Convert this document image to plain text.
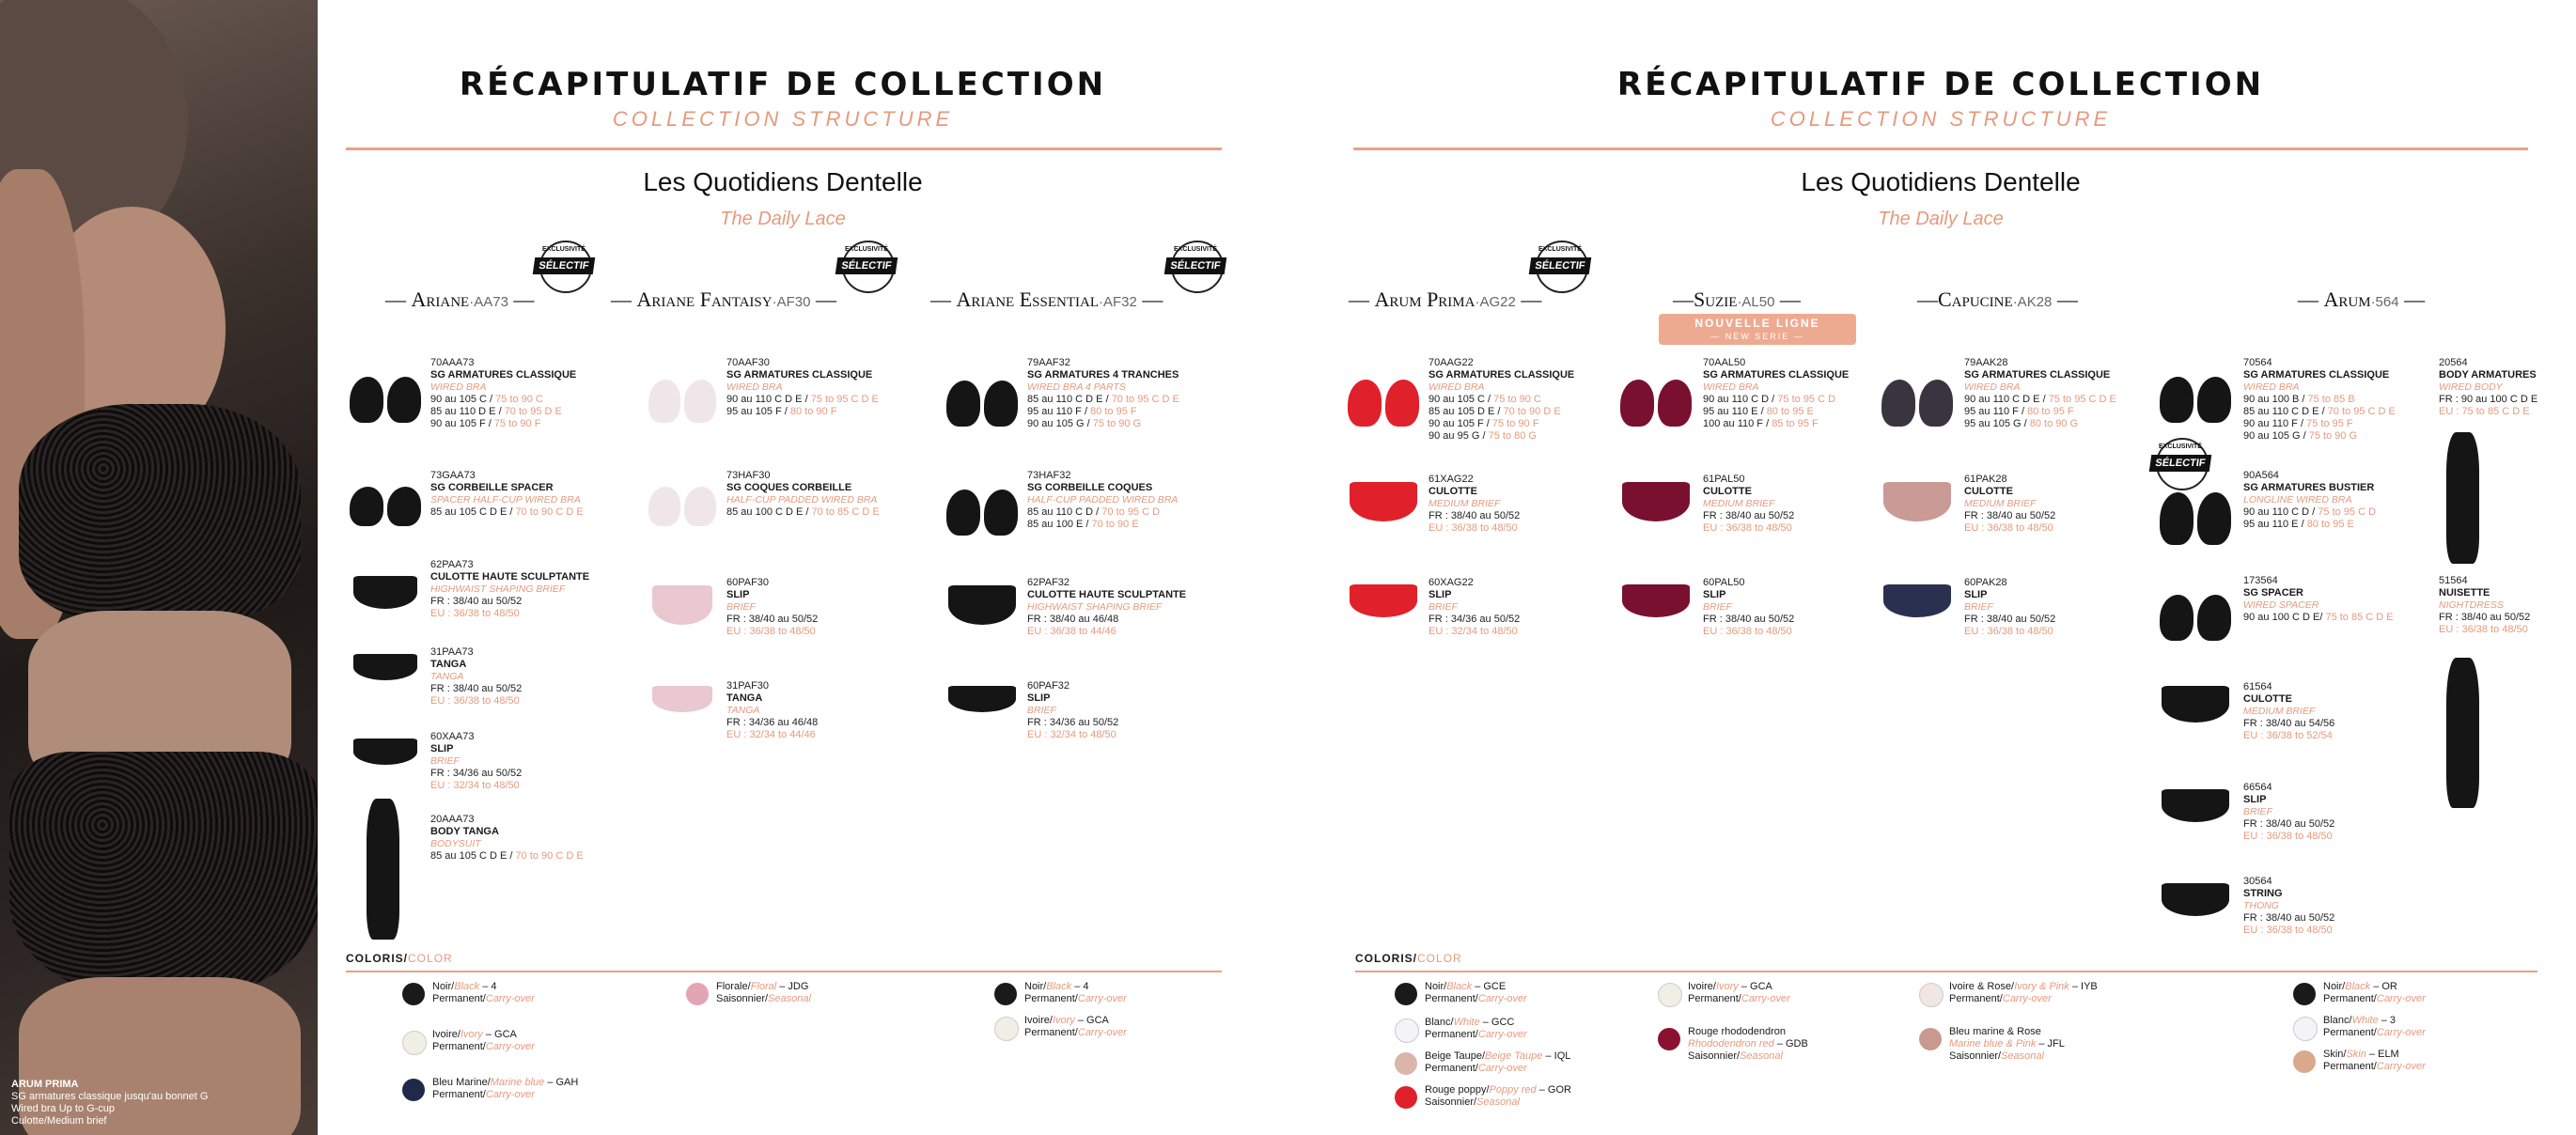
ARUM PRIMA
SG armatures classique jusqu'au bonnet G
Wired bra Up to G-cup
Culotte/Medium brief
RÉCAPITULATIF DE COLLECTION
COLLECTION STRUCTURE
Les Quotidiens Dentelle
The Daily Lace
RÉCAPITULATIF DE COLLECTION
COLLECTION STRUCTURE
Les Quotidiens Dentelle
The Daily Lace
— Ariane·AA73 —	— Ariane Fantaisy·AF30 —	— Ariane Essential·AF32 —	— Arum Prima·AG22 —	—Suzie·AL50 —	—Capucine·AK28 —	— Arum·564 —
EXCLUSIVITÉ
SÉLECTIF
EXCLUSIVITÉ
SÉLECTIF
EXCLUSIVITÉ
SÉLECTIF
EXCLUSIVITÉ
SÉLECTIF
EXCLUSIVITÉ
SÉLECTIF
NOUVELLE LIGNE
— NEW SERIE —
70AAA73
SG ARMATURES CLASSIQUE
WIRED BRA
90 au 105 C / 75 to 90 C
85 au 110 D E / 70 to 95 D E
90 au 105 F / 75 to 90 F
73GAA73
SG CORBEILLE SPACER
SPACER HALF-CUP WIRED BRA
85 au 105 C D E / 70 to 90 C D E
62PAA73
CULOTTE HAUTE SCULPTANTE
HIGHWAIST SHAPING BRIEF
FR : 38/40 au 50/52
EU : 36/38 to 48/50
31PAA73
TANGA
TANGA
FR : 38/40 au 50/52
EU : 36/38 to 48/50
60XAA73
SLIP
BRIEF
FR : 34/36 au 50/52
EU : 32/34 to 48/50
20AAA73
BODY TANGA
BODYSUIT
85 au 105 C D E / 70 to 90 C D E
70AAF30
SG ARMATURES CLASSIQUE
WIRED BRA
90 au 110 C D E / 75 to 95 C D E
95 au 105 F / 80 to 90 F
73HAF30
SG COQUES CORBEILLE
HALF-CUP PADDED WIRED BRA
85 au 100 C D E / 70 to 85 C D E
60PAF30
SLIP
BRIEF
FR : 38/40 au 50/52
EU : 36/38 to 48/50
31PAF30
TANGA
TANGA
FR : 34/36 au 46/48
EU : 32/34 to 44/46
79AAF32
SG ARMATURES 4 TRANCHES
WIRED BRA 4 PARTS
85 au 110 C D E / 70 to 95 C D E
95 au 110 F / 80 to 95 F
90 au 105 G / 75 to 90 G
73HAF32
SG CORBEILLE COQUES
HALF-CUP PADDED WIRED BRA
85 au 110 C D / 70 to 95 C D
85 au 100 E / 70 to 90 E
62PAF32
CULOTTE HAUTE SCULPTANTE
HIGHWAIST SHAPING BRIEF
FR : 38/40 au 46/48
EU : 36/38 to 44/46
60PAF32
SLIP
BRIEF
FR : 34/36 au 50/52
EU : 32/34 to 48/50
70AAG22
SG ARMATURES CLASSIQUE
WIRED BRA
90 au 105 C / 75 to 90 C
85 au 105 D E / 70 to 90 D E
90 au 105 F / 75 to 90 F
90 au 95 G / 75 to 80 G
61XAG22
CULOTTE
MEDIUM BRIEF
FR : 38/40 au 50/52
EU : 36/38 to 48/50
60XAG22
SLIP
BRIEF
FR : 34/36 au 50/52
EU : 32/34 to 48/50
70AAL50
SG ARMATURES CLASSIQUE
WIRED BRA
90 au 110 C D / 75 to 95 C D
95 au 110 E / 80 to 95 E
100 au 110 F / 85 to 95 F
61PAL50
CULOTTE
MEDIUM BRIEF
FR : 38/40 au 50/52
EU : 36/38 to 48/50
60PAL50
SLIP
BRIEF
FR : 38/40 au 50/52
EU : 36/38 to 48/50
79AAK28
SG ARMATURES CLASSIQUE
WIRED BRA
90 au 110 C D E / 75 to 95 C D E
95 au 110 F / 80 to 95 F
95 au 105 G / 80 to 90 G
61PAK28
CULOTTE
MEDIUM BRIEF
FR : 38/40 au 50/52
EU : 36/38 to 48/50
60PAK28
SLIP
BRIEF
FR : 38/40 au 50/52
EU : 36/38 to 48/50
70564
SG ARMATURES CLASSIQUE
WIRED BRA
90 au 100 B / 75 to 85 B
85 au 110 C D E / 70 to 95 C D E
90 au 110 F / 75 to 95 F
90 au 105 G / 75 to 90 G
90A564
SG ARMATURES BUSTIER
LONGLINE WIRED BRA
90 au 110 C D / 75 to 95 C D
95 au 110 E / 80 to 95 E
173564
SG SPACER
WIRED SPACER
90 au 100 C D E/ 75 to 85 C D E
61564
CULOTTE
MEDIUM BRIEF
FR : 38/40 au 54/56
EU : 36/38 to 52/54
66564
SLIP
BRIEF
FR : 38/40 au 50/52
EU : 36/38 to 48/50
30564
STRING
THONG
FR : 38/40 au 50/52
EU : 36/38 to 48/50
20564
BODY ARMATURES
WIRED BODY
FR : 90 au 100 C D E
EU : 75 to 85 C D E
51564
NUISETTE
NIGHTDRESS
FR : 38/40 au 50/52
EU : 36/38 to 48/50
COLORIS/COLOR	COLORIS/COLOR
Noir/Black – 4
Permanent/Carry-over
Ivoire/Ivory – GCA
Permanent/Carry-over
Bleu Marine/Marine blue – GAH
Permanent/Carry-over
Florale/Floral – JDG
Saisonnier/Seasonal
Noir/Black – 4
Permanent/Carry-over
Ivoire/Ivory – GCA
Permanent/Carry-over
Noir/Black – GCE
Permanent/Carry-over
Blanc/White – GCC
Permanent/Carry-over
Beige Taupe/Beige Taupe – IQL
Permanent/Carry-over
Rouge poppy/Poppy red – GOR
Saisonnier/Seasonal
Ivoire/Ivory – GCA
Permanent/Carry-over
Rouge rhododendron
Rhododendron red – GDB
Saisonnier/Seasonal
Ivoire & Rose/Ivory & Pink – IYB
Permanent/Carry-over
Bleu marine & Rose
Marine blue & Pink – JFL
Saisonnier/Seasonal
Noir/Black – OR
Permanent/Carry-over
Blanc/White – 3
Permanent/Carry-over
Skin/Skin – ELM
Permanent/Carry-over
